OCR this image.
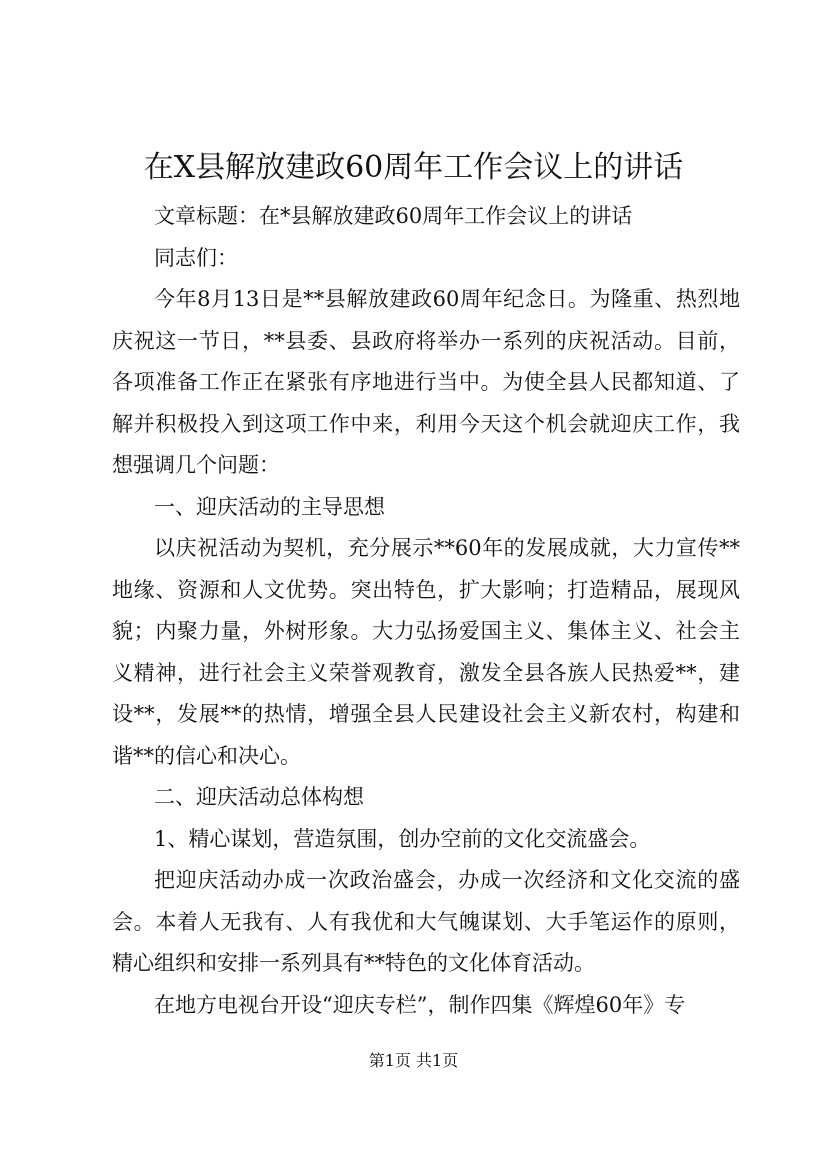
在X县解放建政60周年工作会议上的讲话

文章标题：在*县解放建政60周年工作会议上的讲话

同志们：

今年8月13日是**县解放建政60周年纪念日。为隆重、热烈地庆祝这一节日，**县委、县政府将举办一系列的庆祝活动。目前，各项准备工作正在紧张有序地进行当中。为使全县人民都知道、了解并积极投入到这项工作中来，利用今天这个机会就迎庆工作，我想强调几个问题：

一、迎庆活动的主导思想

以庆祝活动为契机，充分展示**60年的发展成就，大力宣传**地缘、资源和人文优势。突出特色，扩大影响；打造精品，展现风貌；内聚力量，外树形象。大力弘扬爱国主义、集体主义、社会主义精神，进行社会主义荣誉观教育，激发全县各族人民热爱**，建设**，发展**的热情，增强全县人民建设社会主义新农村，构建和谐**的信心和决心。

二、迎庆活动总体构想

1、精心谋划，营造氛围，创办空前的文化交流盛会。

把迎庆活动办成一次政治盛会，办成一次经济和文化交流的盛会。本着人无我有、人有我优和大气魄谋划、大手笔运作的原则，精心组织和安排一系列具有**特色的文化体育活动。

在地方电视台开设“迎庆专栏”，制作四集《辉煌60年》专

第1页 共1页
